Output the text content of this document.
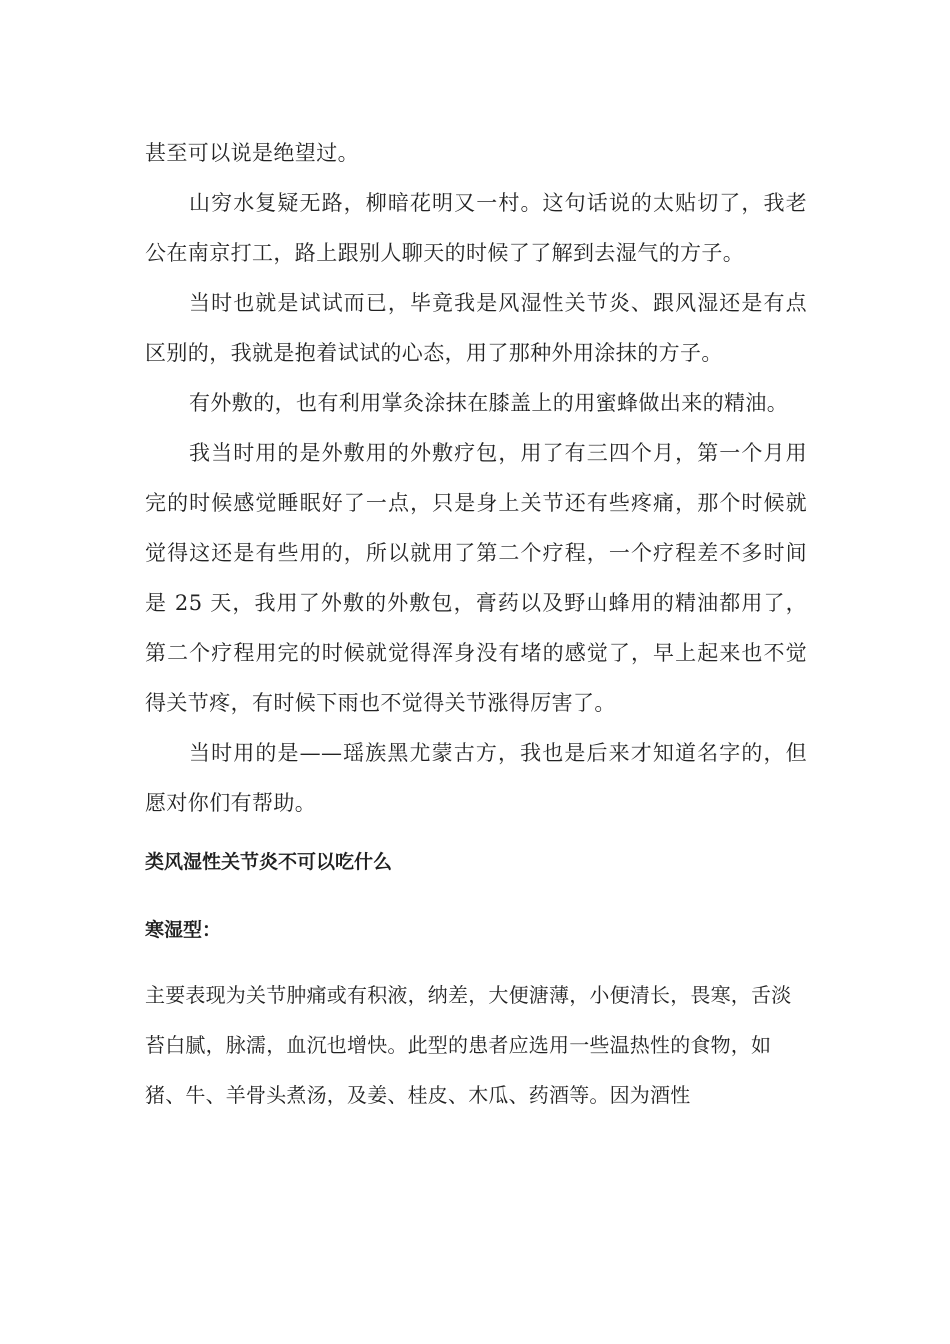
甚至可以说是绝望过。

山穷水复疑无路，柳暗花明又一村。这句话说的太贴切了，我老公在南京打工，路上跟别人聊天的时候了了解到去湿气的方子。

当时也就是试试而已，毕竟我是风湿性关节炎、跟风湿还是有点区别的，我就是抱着试试的心态，用了那种外用涂抹的方子。

有外敷的，也有利用掌灸涂抹在膝盖上的用蜜蜂做出来的精油。

我当时用的是外敷用的外敷疗包，用了有三四个月，第一个月用完的时候感觉睡眠好了一点，只是身上关节还有些疼痛，那个时候就觉得这还是有些用的，所以就用了第二个疗程，一个疗程差不多时间是 25 天，我用了外敷的外敷包，膏药以及野山蜂用的精油都用了，第二个疗程用完的时候就觉得浑身没有堵的感觉了，早上起来也不觉得关节疼，有时候下雨也不觉得关节涨得厉害了。

当时用的是——瑶族黑尤蒙古方，我也是后来才知道名字的，但愿对你们有帮助。

类风湿性关节炎不可以吃什么
寒湿型：

主要表现为关节肿痛或有积液，纳差，大便溏薄，小便清长，畏寒，舌淡苔白腻，脉濡，血沉也增快。此型的患者应选用一些温热性的食物，如猪、牛、羊骨头煮汤，及姜、桂皮、木瓜、药酒等。因为酒性
